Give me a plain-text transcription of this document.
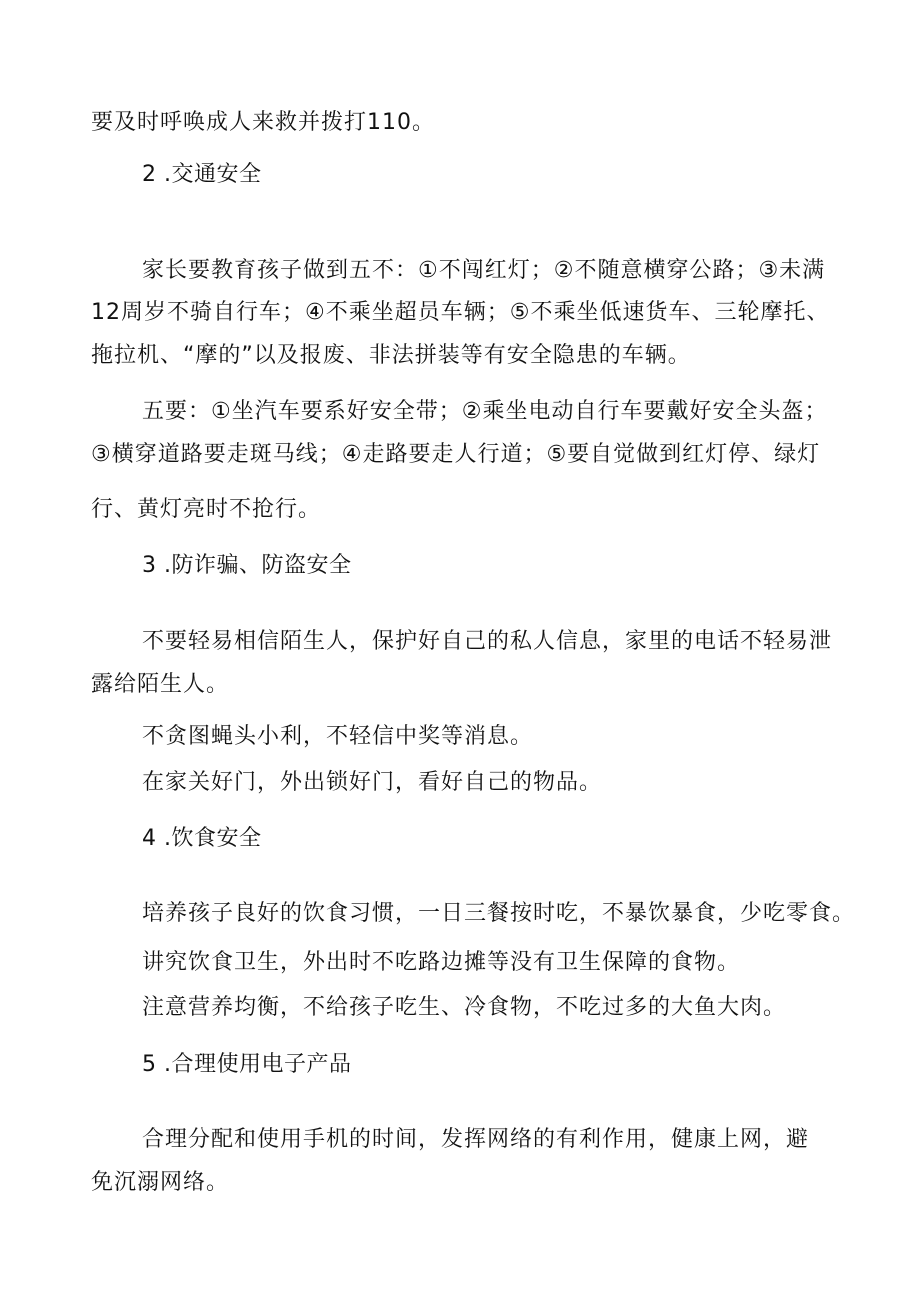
要及时呼唤成人来救并拨打110。
2 .交通安全
家长要教育孩子做到五不：①不闯红灯；②不随意横穿公路；③未满
12周岁不骑自行车；④不乘坐超员车辆；⑤不乘坐低速货车、三轮摩托、
拖拉机、“摩的”以及报废、非法拼装等有安全隐患的车辆。
五要：①坐汽车要系好安全带；②乘坐电动自行车要戴好安全头盔；
③横穿道路要走斑马线；④走路要走人行道；⑤要自觉做到红灯停、绿灯
行、黄灯亮时不抢行。
3 .防诈骗、防盗安全
不要轻易相信陌生人，保护好自己的私人信息，家里的电话不轻易泄
露给陌生人。
不贪图蝇头小利，不轻信中奖等消息。
在家关好门，外出锁好门，看好自己的物品。
4 .饮食安全
培养孩子良好的饮食习惯，一日三餐按时吃，不暴饮暴食，少吃零食。
讲究饮食卫生，外出时不吃路边摊等没有卫生保障的食物。
注意营养均衡，不给孩子吃生、冷食物，不吃过多的大鱼大肉。
5 .合理使用电子产品
合理分配和使用手机的时间，发挥网络的有利作用，健康上网，避
免沉溺网络。
